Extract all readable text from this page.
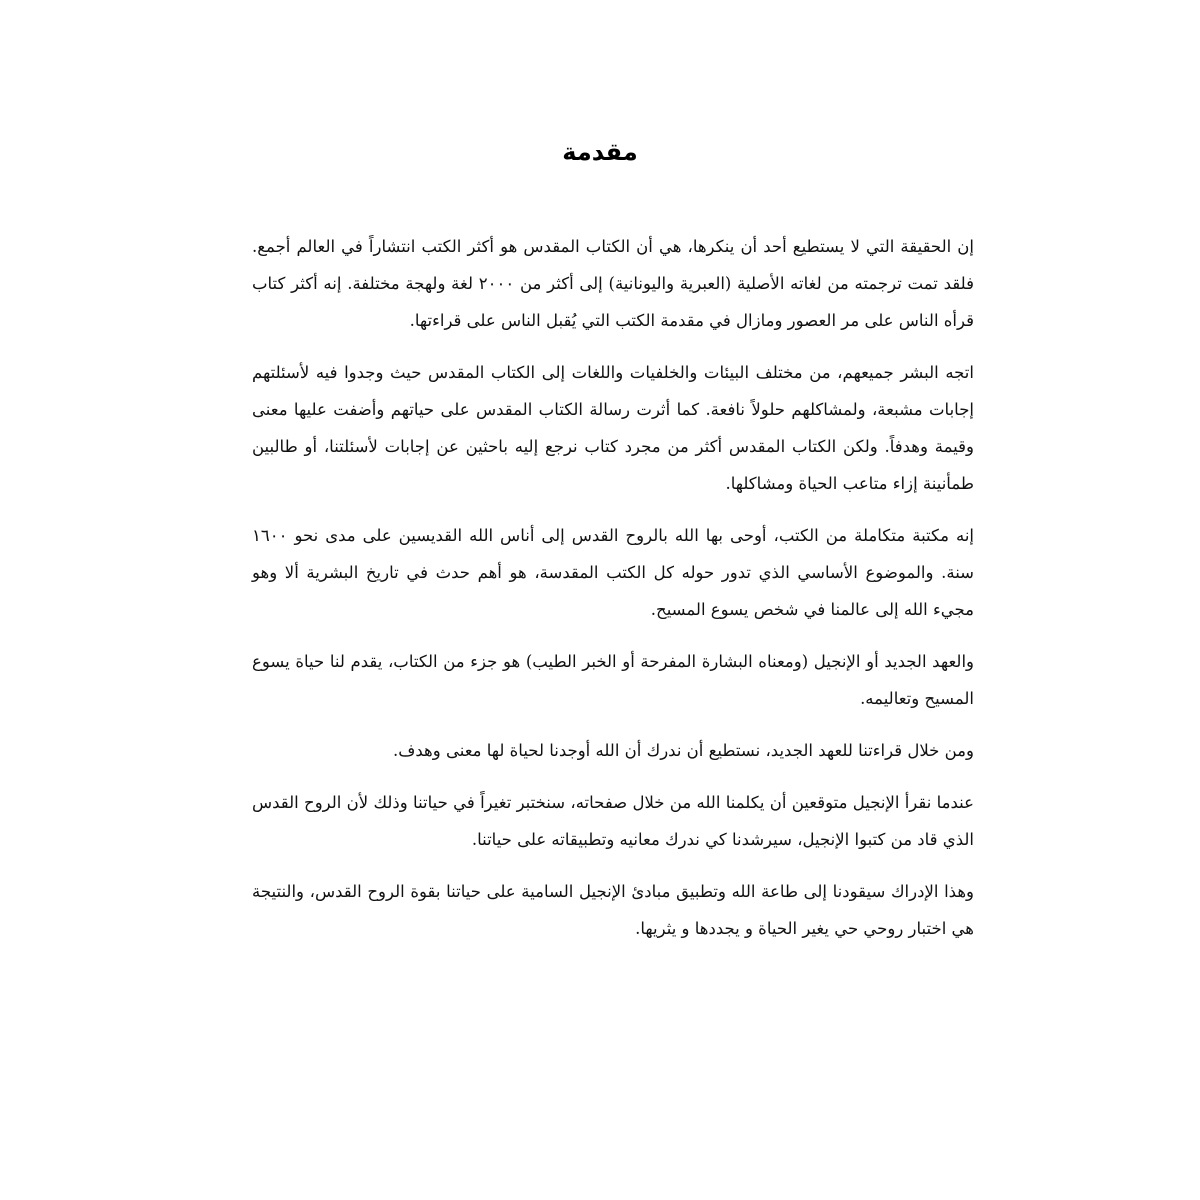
مقدمة

إن الحقيقة التي لا يستطيع أحد أن ينكرها، هي أن الكتاب المقدس هو أكثر الكتب انتشاراً في العالم أجمع. فلقد تمت ترجمته من لغاته الأصلية (العبرية واليونانية) إلى أكثر من ٢٠٠٠ لغة ولهجة مختلفة. إنه أكثر كتاب قرأه الناس على مر العصور ومازال في مقدمة الكتب التي يُقبل الناس على قراءتها.

اتجه البشر جميعهم، من مختلف البيئات والخلفيات واللغات إلى الكتاب المقدس حيث وجدوا فيه لأسئلتهم إجابات مشبعة، ولمشاكلهم حلولاً نافعة. كما أثرت رسالة الكتاب المقدس على حياتهم وأضفت عليها معنى وقيمة وهدفاً. ولكن الكتاب المقدس أكثر من مجرد كتاب نرجع إليه باحثين عن إجابات لأسئلتنا، أو طالبين طمأنينة إزاء متاعب الحياة ومشاكلها.

إنه مكتبة متكاملة من الكتب، أوحى بها الله بالروح القدس إلى أناس الله القديسين على مدى نحو ١٦٠٠ سنة. والموضوع الأساسي الذي تدور حوله كل الكتب المقدسة، هو أهم حدث في تاريخ البشرية ألا وهو مجيء الله إلى عالمنا في شخص يسوع المسيح.

والعهد الجديد أو الإنجيل (ومعناه البشارة المفرحة أو الخبر الطيب) هو جزء من الكتاب، يقدم لنا حياة يسوع المسيح وتعاليمه.

ومن خلال قراءتنا للعهد الجديد، نستطيع أن ندرك أن الله أوجدنا لحياة لها معنى وهدف.

عندما نقرأ الإنجيل متوقعين أن يكلمنا الله من خلال صفحاته، سنختبر تغيراً في حياتنا وذلك لأن الروح القدس الذي قاد من كتبوا الإنجيل، سيرشدنا كي ندرك معانيه وتطبيقاته على حياتنا.

وهذا الإدراك سيقودنا إلى طاعة الله وتطبيق مبادئ الإنجيل السامية على حياتنا بقوة الروح القدس، والنتيجة هي اختبار روحي حي يغير الحياة و يجددها و يثريها.
